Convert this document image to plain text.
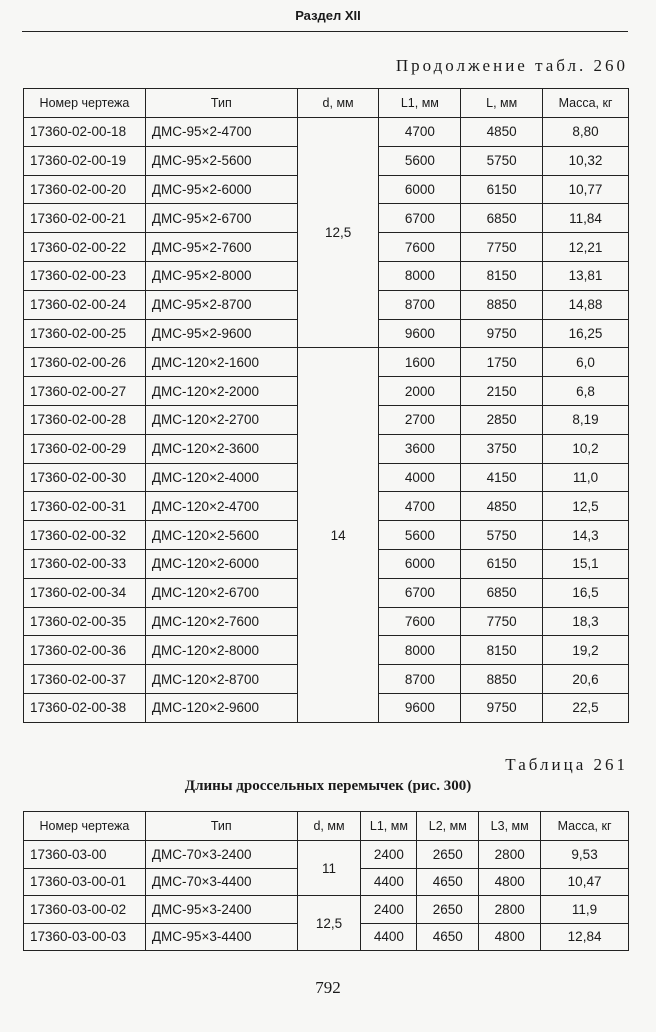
Раздел XII
Продолжение табл. 260
Номер чертежа	Тип	d, мм	L1, мм	L, мм	Масса, кг
17360-02-00-18	ДМС-95×2-4700	12,5	4700	4850	8,80
17360-02-00-19	ДМС-95×2-5600		5600	5750	10,32
17360-02-00-20	ДМС-95×2-6000		6000	6150	10,77
17360-02-00-21	ДМС-95×2-6700		6700	6850	11,84
17360-02-00-22	ДМС-95×2-7600		7600	7750	12,21
17360-02-00-23	ДМС-95×2-8000		8000	8150	13,81
17360-02-00-24	ДМС-95×2-8700		8700	8850	14,88
17360-02-00-25	ДМС-95×2-9600		9600	9750	16,25
17360-02-00-26	ДМС-120×2-1600	14	1600	1750	6,0
17360-02-00-27	ДМС-120×2-2000		2000	2150	6,8
17360-02-00-28	ДМС-120×2-2700		2700	2850	8,19
17360-02-00-29	ДМС-120×2-3600		3600	3750	10,2
17360-02-00-30	ДМС-120×2-4000		4000	4150	11,0
17360-02-00-31	ДМС-120×2-4700		4700	4850	12,5
17360-02-00-32	ДМС-120×2-5600		5600	5750	14,3
17360-02-00-33	ДМС-120×2-6000		6000	6150	15,1
17360-02-00-34	ДМС-120×2-6700		6700	6850	16,5
17360-02-00-35	ДМС-120×2-7600		7600	7750	18,3
17360-02-00-36	ДМС-120×2-8000		8000	8150	19,2
17360-02-00-37	ДМС-120×2-8700		8700	8850	20,6
17360-02-00-38	ДМС-120×2-9600		9600	9750	22,5
Таблица 261
Длины дроссельных перемычек (рис. 300)
Номер чертежа	Тип	d, мм	L1, мм	L2, мм	L3, мм	Масса, кг
17360-03-00	ДМС-70×3-2400	11	2400	2650	2800	9,53
17360-03-00-01	ДМС-70×3-4400		4400	4650	4800	10,47
17360-03-00-02	ДМС-95×3-2400	12,5	2400	2650	2800	11,9
17360-03-00-03	ДМС-95×3-4400		4400	4650	4800	12,84
792
